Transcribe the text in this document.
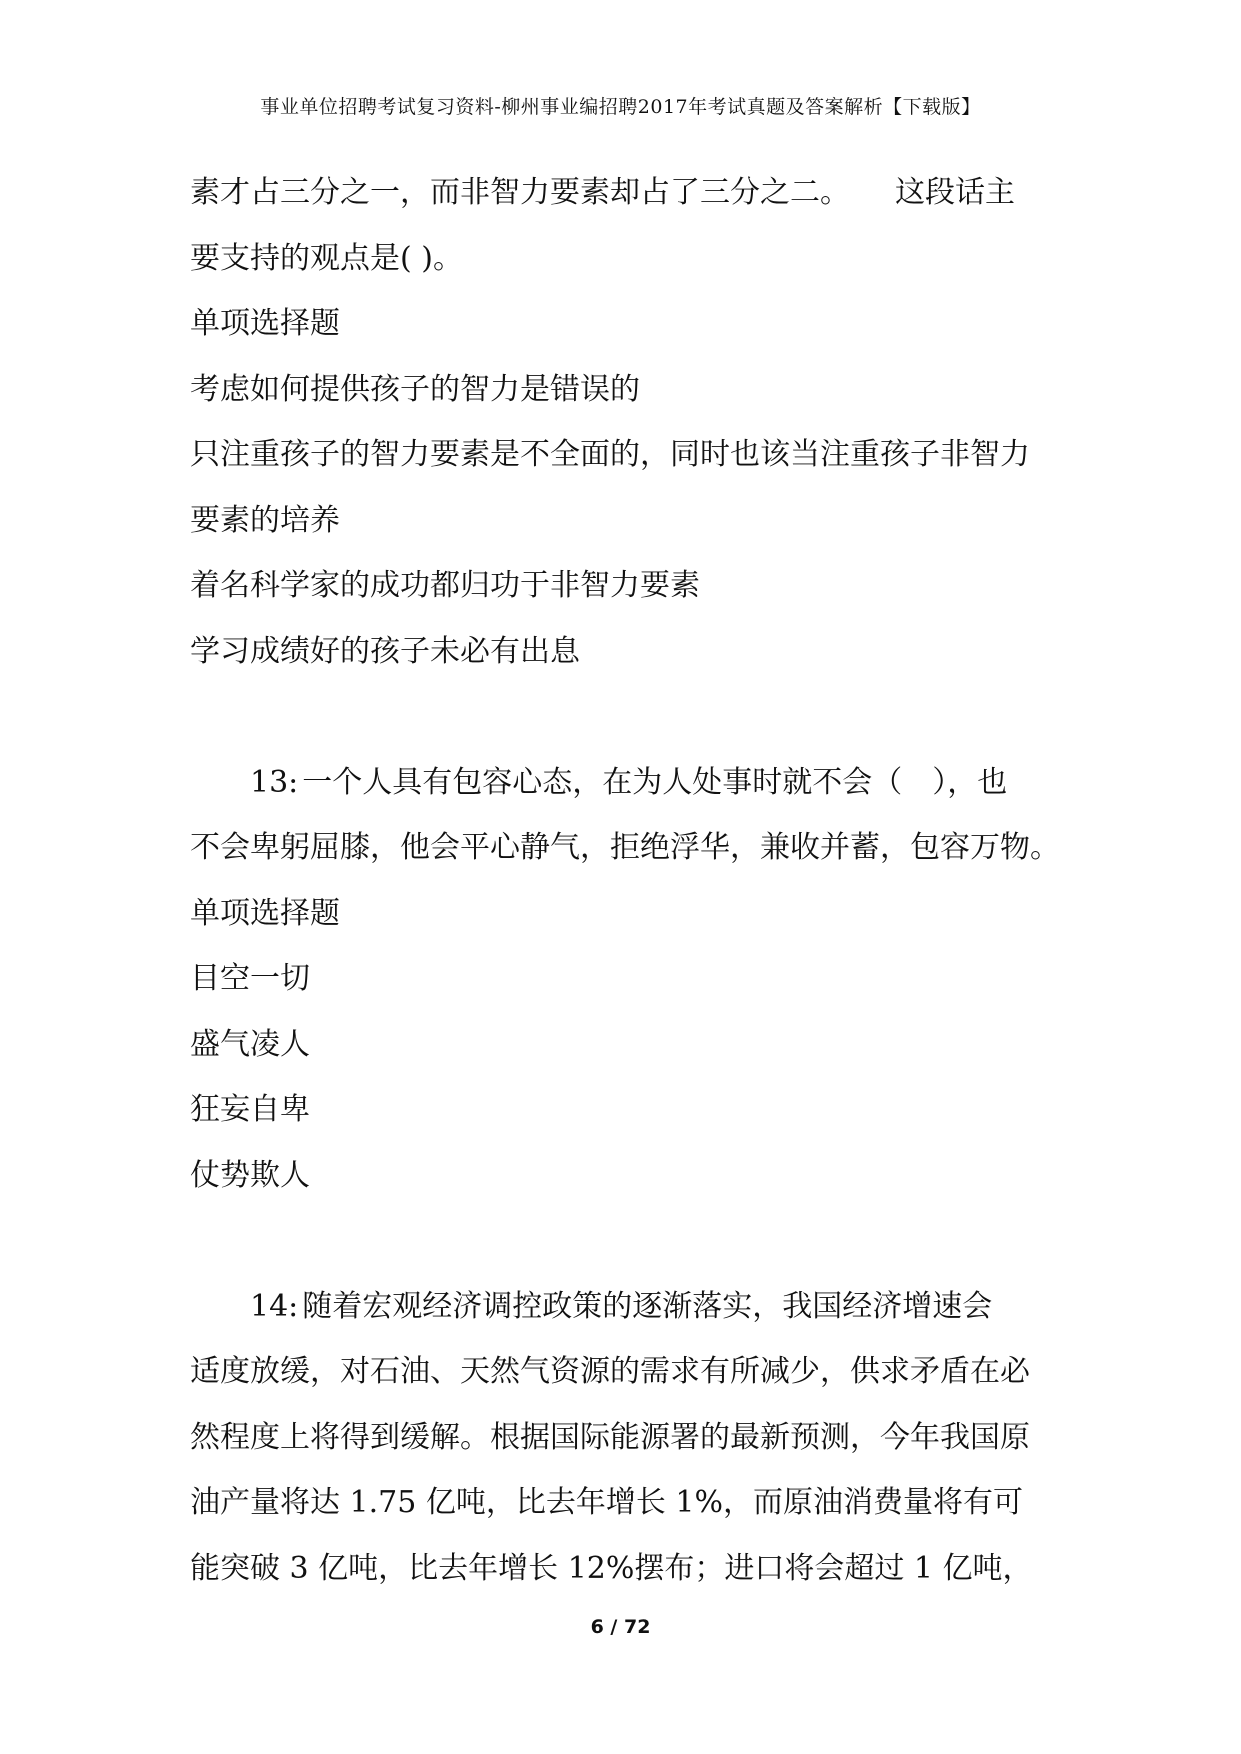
事业单位招聘考试复习资料-柳州事业编招聘2017年考试真题及答案解析【下载版】
素才占三分之一，而非智力要素却占了三分之二。　　这段话主
要支持的观点是( )。
单项选择题
考虑如何提供孩子的智力是错误的
只注重孩子的智力要素是不全面的，同时也该当注重孩子非智力
要素的培养
着名科学家的成功都归功于非智力要素
学习成绩好的孩子未必有出息
13: 一个人具有包容心态，在为人处事时就不会（　），也
不会卑躬屈膝，他会平心静气，拒绝浮华，兼收并蓄，包容万物。
单项选择题
目空一切
盛气凌人
狂妄自卑
仗势欺人
14: 随着宏观经济调控政策的逐渐落实，我国经济增速会
适度放缓，对石油、天然气资源的需求有所减少，供求矛盾在必
然程度上将得到缓解。根据国际能源署的最新预测，今年我国原
油产量将达 1.75 亿吨，比去年增长 1%，而原油消费量将有可
能突破 3 亿吨，比去年增长 12%摆布；进口将会超过 1 亿吨，
6 / 72
